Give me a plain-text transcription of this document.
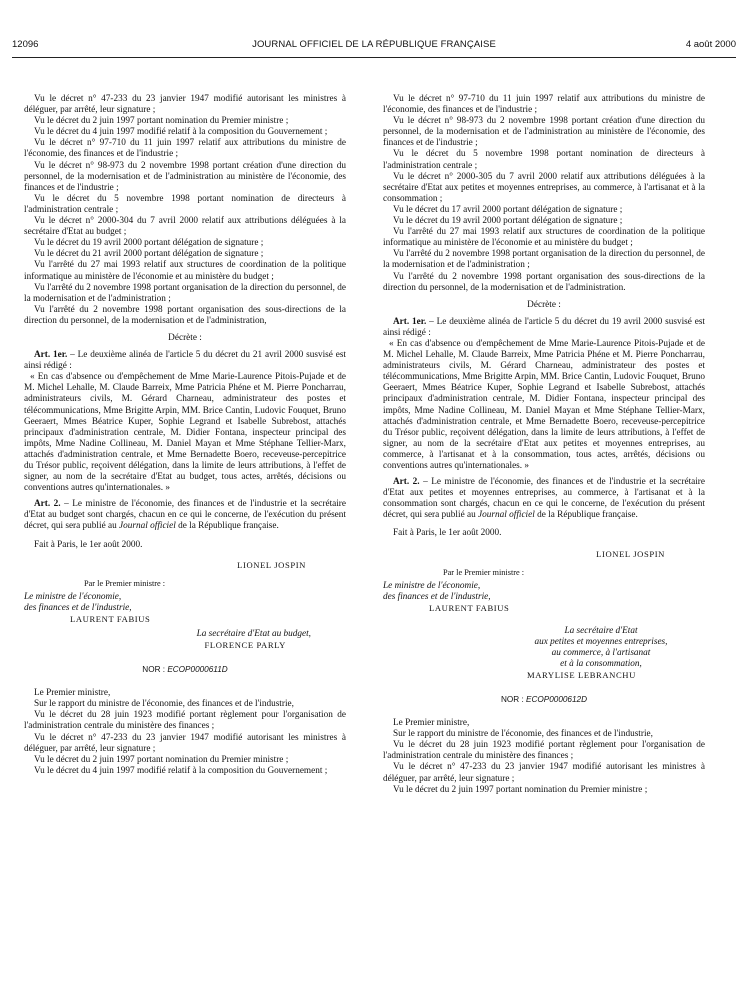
12096	JOURNAL OFFICIEL DE LA RÉPUBLIQUE FRANÇAISE	4 août 2000

Vu le décret n° 47-233 du 23 janvier 1947 modifié autorisant les ministres à déléguer, par arrêté, leur signature ;

Vu le décret du 2 juin 1997 portant nomination du Premier ministre ;

Vu le décret du 4 juin 1997 modifié relatif à la composition du Gouvernement ;

Vu le décret n° 97-710 du 11 juin 1997 relatif aux attributions du ministre de l'économie, des finances et de l'industrie ;

Vu le décret n° 98-973 du 2 novembre 1998 portant création d'une direction du personnel, de la modernisation et de l'administration au ministère de l'économie, des finances et de l'industrie ;

Vu le décret du 5 novembre 1998 portant nomination de directeurs à l'administration centrale ;

Vu le décret n° 2000-304 du 7 avril 2000 relatif aux attributions déléguées à la secrétaire d'Etat au budget ;

Vu le décret du 19 avril 2000 portant délégation de signature ;

Vu le décret du 21 avril 2000 portant délégation de signature ;

Vu l'arrêté du 27 mai 1993 relatif aux structures de coordination de la politique informatique au ministère de l'économie et au ministère du budget ;

Vu l'arrêté du 2 novembre 1998 portant organisation de la direction du personnel, de la modernisation et de l'administration ;

Vu l'arrêté du 2 novembre 1998 portant organisation des sous-directions de la direction du personnel, de la modernisation et de l'administration,

Décrète :

Art. 1er. – Le deuxième alinéa de l'article 5 du décret du 21 avril 2000 susvisé est ainsi rédigé :

« En cas d'absence ou d'empêchement de Mme Marie-Laurence Pitois-Pujade et de M. Michel Lehalle, M. Claude Barreix, Mme Patricia Phéne et M. Pierre Poncharrau, administrateurs civils, M. Gérard Charneau, administrateur des postes et télécommunications, Mme Brigitte Arpin, MM. Brice Cantin, Ludovic Fouquet, Bruno Geeraert, Mmes Béatrice Kuper, Sophie Legrand et Isabelle Subrebost, attachés principaux d'administration centrale, M. Didier Fontana, inspecteur principal des impôts, Mme Nadine Collineau, M. Daniel Mayan et Mme Stéphane Tellier-Marx, attachés d'administration centrale, et Mme Bernadette Boero, receveuse-percepitrice du Trésor public, reçoivent délégation, dans la limite de leurs attributions, à l'effet de signer, au nom de la secrétaire d'Etat au budget, tous actes, arrêtés, décisions ou conventions autres qu'internationales. »

Art. 2. – Le ministre de l'économie, des finances et de l'industrie et la secrétaire d'Etat au budget sont chargés, chacun en ce qui le concerne, de l'exécution du présent décret, qui sera publié au Journal officiel de la République française.

Fait à Paris, le 1er août 2000.

LIONEL JOSPIN

Par le Premier ministre :

Le ministre de l'économie,

des finances et de l'industrie,

LAURENT FABIUS

La secrétaire d'Etat au budget,

FLORENCE PARLY

NOR : ECOP0000611D

Le Premier ministre,

Sur le rapport du ministre de l'économie, des finances et de l'industrie,

Vu le décret du 28 juin 1923 modifié portant règlement pour l'organisation de l'administration centrale du ministère des finances ;

Vu le décret n° 47-233 du 23 janvier 1947 modifié autorisant les ministres à déléguer, par arrêté, leur signature ;

Vu le décret du 2 juin 1997 portant nomination du Premier ministre ;

Vu le décret du 4 juin 1997 modifié relatif à la composition du Gouvernement ;

Vu le décret n° 97-710 du 11 juin 1997 relatif aux attributions du ministre de l'économie, des finances et de l'industrie ;

Vu le décret n° 98-973 du 2 novembre 1998 portant création d'une direction du personnel, de la modernisation et de l'administration au ministère de l'économie, des finances et de l'industrie ;

Vu le décret du 5 novembre 1998 portant nomination de directeurs à l'administration centrale ;

Vu le décret n° 2000-305 du 7 avril 2000 relatif aux attributions déléguées à la secrétaire d'Etat aux petites et moyennes entreprises, au commerce, à l'artisanat et à la consommation ;

Vu le décret du 17 avril 2000 portant délégation de signature ;

Vu le décret du 19 avril 2000 portant délégation de signature ;

Vu l'arrêté du 27 mai 1993 relatif aux structures de coordination de la politique informatique au ministère de l'économie et au ministère du budget ;

Vu l'arrêté du 2 novembre 1998 portant organisation de la direction du personnel, de la modernisation et de l'administration ;

Vu l'arrêté du 2 novembre 1998 portant organisation des sous-directions de la direction du personnel, de la modernisation et de l'administration.

Décrète :

Art. 1er. – Le deuxième alinéa de l'article 5 du décret du 19 avril 2000 susvisé est ainsi rédigé :

« En cas d'absence ou d'empêchement de Mme Marie-Laurence Pitois-Pujade et de M. Michel Lehalle, M. Claude Barreix, Mme Patricia Phéne et M. Pierre Poncharrau, administrateurs civils, M. Gérard Charneau, administrateur des postes et télécommunications, Mme Brigitte Arpin, MM. Brice Cantin, Ludovic Fouquet, Bruno Geeraert, Mmes Béatrice Kuper, Sophie Legrand et Isabelle Subrebost, attachés principaux d'administration centrale, M. Didier Fontana, inspecteur principal des impôts, Mme Nadine Collineau, M. Daniel Mayan et Mme Stéphane Tellier-Marx, attachés d'administration centrale, et Mme Bernadette Boero, receveuse-percepitrice du Trésor public, reçoivent délégation, dans la limite de leurs attributions, à l'effet de signer, au nom de la secrétaire d'Etat aux petites et moyennes entreprises, au commerce, à l'artisanat et à la consommation, tous actes, arrêtés, décisions ou conventions autres qu'internationales. »

Art. 2. – Le ministre de l'économie, des finances et de l'industrie et la secrétaire d'Etat aux petites et moyennes entreprises, au commerce, à l'artisanat et à la consommation sont chargés, chacun en ce qui le concerne, de l'exécution du présent décret, qui sera publié au Journal officiel de la République française.

Fait à Paris, le 1er août 2000.

LIONEL JOSPIN

Par le Premier ministre :

Le ministre de l'économie,

des finances et de l'industrie,

LAURENT FABIUS

La secrétaire d'Etat
aux petites et moyennes entreprises,
au commerce, à l'artisanat
et à la consommation,

MARYLISE LEBRANCHU

NOR : ECOP0000612D

Le Premier ministre,

Sur le rapport du ministre de l'économie, des finances et de l'industrie,

Vu le décret du 28 juin 1923 modifié portant règlement pour l'organisation de l'administration centrale du ministère des finances ;

Vu le décret n° 47-233 du 23 janvier 1947 modifié autorisant les ministres à déléguer, par arrêté, leur signature ;

Vu le décret du 2 juin 1997 portant nomination du Premier ministre ;
